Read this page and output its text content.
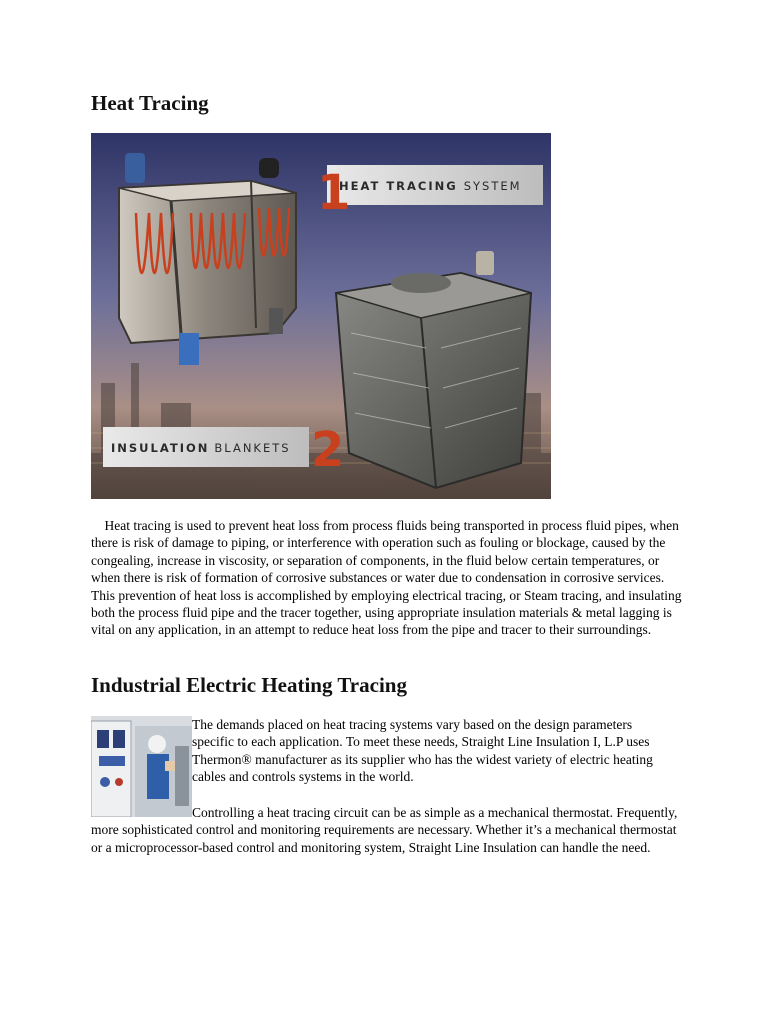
Heat Tracing
1
HEAT TRACING SYSTEM
INSULATION BLANKETS 2

Heat tracing is used to prevent heat loss from process fluids being transported in process fluid pipes, when there is risk of damage to piping, or interference with operation such as fouling or blockage, caused by the congealing, increase in viscosity, or separation of components, in the fluid below certain temperatures, or when there is risk of formation of corrosive substances or water due to condensation in corrosive services. This prevention of heat loss is accomplished by employing electrical tracing, or Steam tracing, and insulating both the process fluid pipe and the tracer together, using appropriate insulation materials & metal lagging is vital on any application, in an attempt to reduce heat loss from the pipe and tracer to their surroundings.

Industrial Electric Heating Tracing

The demands placed on heat tracing systems vary based on the design parameters specific to each application. To meet these needs, Straight Line Insulation I, L.P uses Thermon® manufacturer as its supplier who has the widest variety of electric heating cables and controls systems in the world.

Controlling a heat tracing circuit can be as simple as a mechanical thermostat. Frequently, more sophisticated control and monitoring requirements are necessary. Whether it’s a mechanical thermostat or a microprocessor-based control and monitoring system, Straight Line Insulation can handle the need.
